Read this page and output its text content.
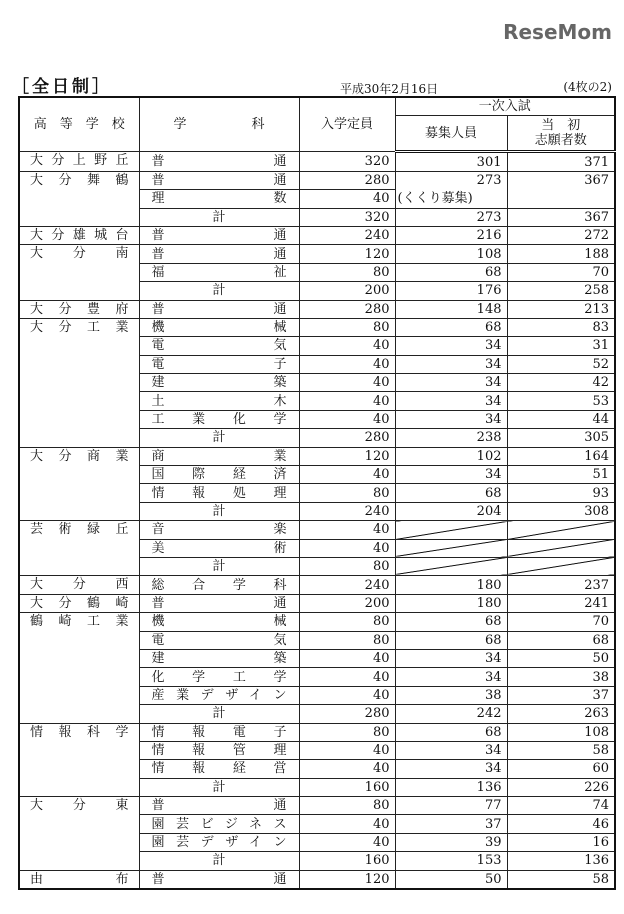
ReseMom
［全日制］	平成30年2月16日	(4枚の2)
高　等　学　校	学　　　　　科	入学定員	一次入試	
			募集人員	当　初
志願者数
大分上野丘	普通	320	301	371
大分舞鶴	普通	280	273	367
	理数	40	(くくり募集)	
	計	320	273	367
大分雄城台	普通	240	216	272
大分南	普通	120	108	188
	福祉	80	68	70
	計	200	176	258
大分豊府	普通	280	148	213
大分工業	機械	80	68	83
	電気	40	34	31
	電子	40	34	52
	建築	40	34	42
	土木	40	34	53
	工業化学	40	34	44
	計	280	238	305
大分商業	商業	120	102	164
	国際経済	40	34	51
	情報処理	80	68	93
	計	240	204	308
芸術緑丘	音楽	40		
	美術	40		
	計	80		
大分西	総合学科	240	180	237
大分鶴崎	普通	200	180	241
鶴崎工業	機械	80	68	70
	電気	80	68	68
	建築	40	34	50
	化学工学	40	34	38
	産業デザイン	40	38	37
	計	280	242	263
情報科学	情報電子	80	68	108
	情報管理	40	34	58
	情報経営	40	34	60
	計	160	136	226
大分東	普通	80	77	74
	園芸ビジネス	40	37	46
	園芸デザイン	40	39	16
	計	160	153	136
由布	普通	120	50	58
